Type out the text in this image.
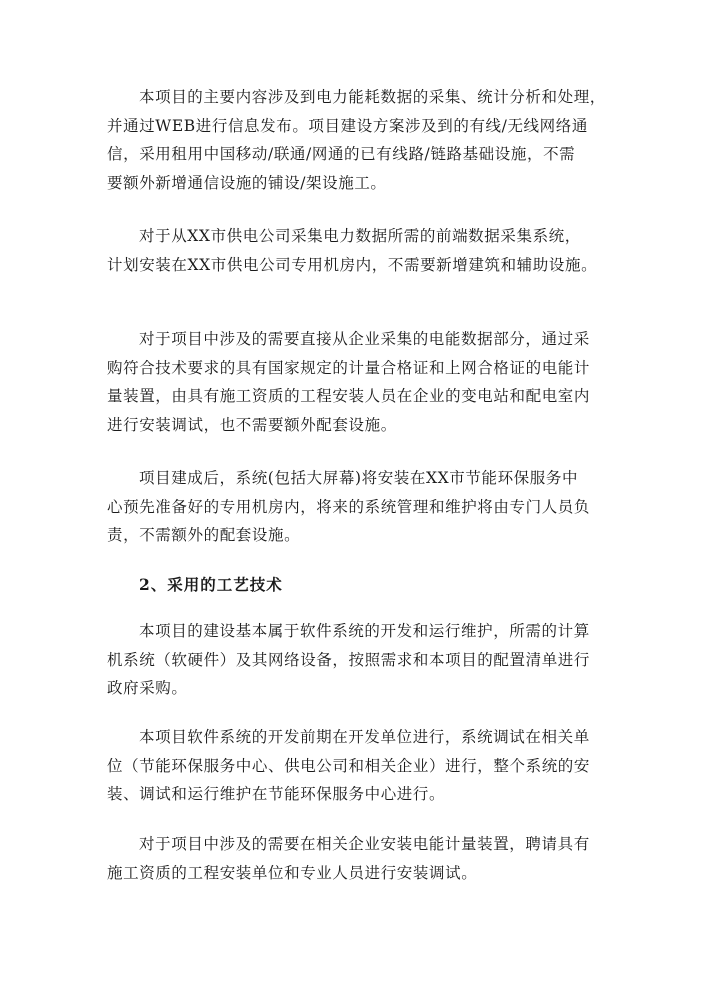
本项目的主要内容涉及到电力能耗数据的采集、统计分析和处理，
并通过WEB进行信息发布。项目建设方案涉及到的有线/无线网络通
信，采用租用中国移动/联通/网通的已有线路/链路基础设施，不需
要额外新增通信设施的铺设/架设施工。
对于从XX市供电公司采集电力数据所需的前端数据采集系统，
计划安装在XX市供电公司专用机房内，不需要新增建筑和辅助设施。
对于项目中涉及的需要直接从企业采集的电能数据部分，通过采
购符合技术要求的具有国家规定的计量合格证和上网合格证的电能计
量装置，由具有施工资质的工程安装人员在企业的变电站和配电室内
进行安装调试，也不需要额外配套设施。
项目建成后，系统(包括大屏幕)将安装在XX市节能环保服务中
心预先准备好的专用机房内，将来的系统管理和维护将由专门人员负
责，不需额外的配套设施。
2、采用的工艺技术
本项目的建设基本属于软件系统的开发和运行维护，所需的计算
机系统（软硬件）及其网络设备，按照需求和本项目的配置清单进行
政府采购。
本项目软件系统的开发前期在开发单位进行，系统调试在相关单
位（节能环保服务中心、供电公司和相关企业）进行，整个系统的安
装、调试和运行维护在节能环保服务中心进行。
对于项目中涉及的需要在相关企业安装电能计量装置，聘请具有
施工资质的工程安装单位和专业人员进行安装调试。
